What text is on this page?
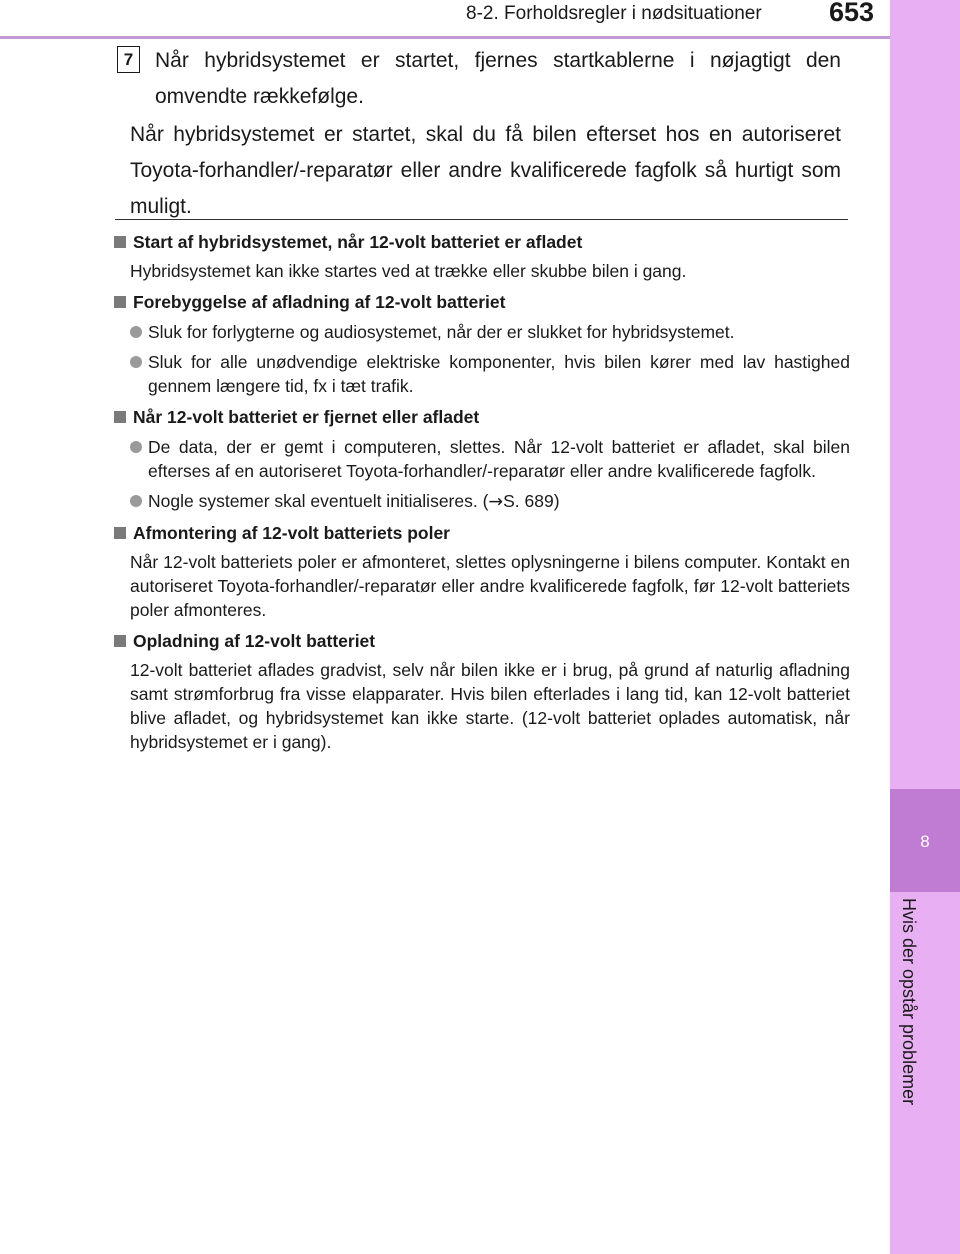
8-2. Forholdsregler i nødsituationer 653
8
Hvis der opstår problemer
7	Når hybridsystemet er startet, fjernes startkablerne i nøjagtigt den omvendte rækkefølge.
Når hybridsystemet er startet, skal du få bilen efterset hos en autoriseret Toyota-forhandler/-reparatør eller andre kvalificerede fagfolk så hurtigt som muligt.
Start af hybridsystemet, når 12-volt batteriet er afladet
Hybridsystemet kan ikke startes ved at trække eller skubbe bilen i gang.
Forebyggelse af afladning af 12-volt batteriet
Sluk for forlygterne og audiosystemet, når der er slukket for hybridsystemet.
Sluk for alle unødvendige elektriske komponenter, hvis bilen kører med lav hastighed gennem længere tid, fx i tæt trafik.
Når 12-volt batteriet er fjernet eller afladet
De data, der er gemt i computeren, slettes. Når 12-volt batteriet er afladet, skal bilen efterses af en autoriseret Toyota-forhandler/-reparatør eller andre kvalificerede fagfolk.
Nogle systemer skal eventuelt initialiseres. (→S. 689)
Afmontering af 12-volt batteriets poler
Når 12-volt batteriets poler er afmonteret, slettes oplysningerne i bilens computer. Kontakt en autoriseret Toyota-forhandler/-reparatør eller andre kvalificerede fagfolk, før 12-volt batteriets poler afmonteres.
Opladning af 12-volt batteriet
12-volt batteriet aflades gradvist, selv når bilen ikke er i brug, på grund af naturlig afladning samt strømforbrug fra visse elapparater. Hvis bilen efterlades i lang tid, kan 12-volt batteriet blive afladet, og hybridsystemet kan ikke starte. (12-volt batteriet oplades automatisk, når hybridsystemet er i gang).
